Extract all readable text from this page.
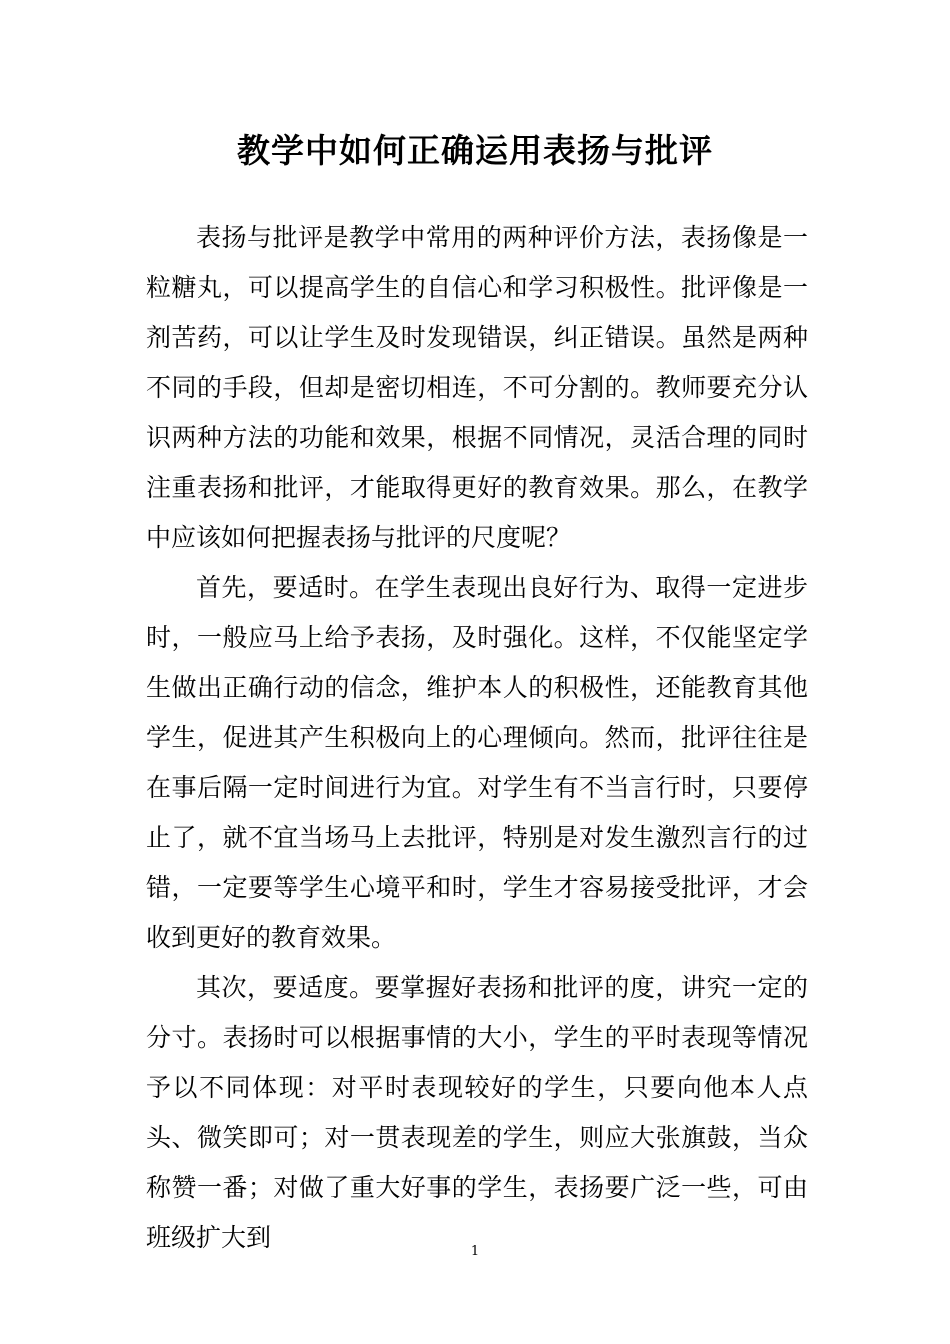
教学中如何正确运用表扬与批评

表扬与批评是教学中常用的两种评价方法，表扬像是一粒糖丸，可以提高学生的自信心和学习积极性。批评像是一剂苦药，可以让学生及时发现错误，纠正错误。虽然是两种不同的手段，但却是密切相连，不可分割的。教师要充分认识两种方法的功能和效果，根据不同情况，灵活合理的同时注重表扬和批评，才能取得更好的教育效果。那么，在教学中应该如何把握表扬与批评的尺度呢？

首先，要适时。在学生表现出良好行为、取得一定进步时，一般应马上给予表扬，及时强化。这样，不仅能坚定学生做出正确行动的信念，维护本人的积极性，还能教育其他学生，促进其产生积极向上的心理倾向。然而，批评往往是在事后隔一定时间进行为宜。对学生有不当言行时，只要停止了，就不宜当场马上去批评，特别是对发生激烈言行的过错，一定要等学生心境平和时，学生才容易接受批评，才会收到更好的教育效果。

其次，要适度。要掌握好表扬和批评的度，讲究一定的分寸。表扬时可以根据事情的大小，学生的平时表现等情况予以不同体现：对平时表现较好的学生，只要向他本人点头、微笑即可；对一贯表现差的学生，则应大张旗鼓，当众称赞一番；对做了重大好事的学生，表扬要广泛一些，可由班级扩大到	1
